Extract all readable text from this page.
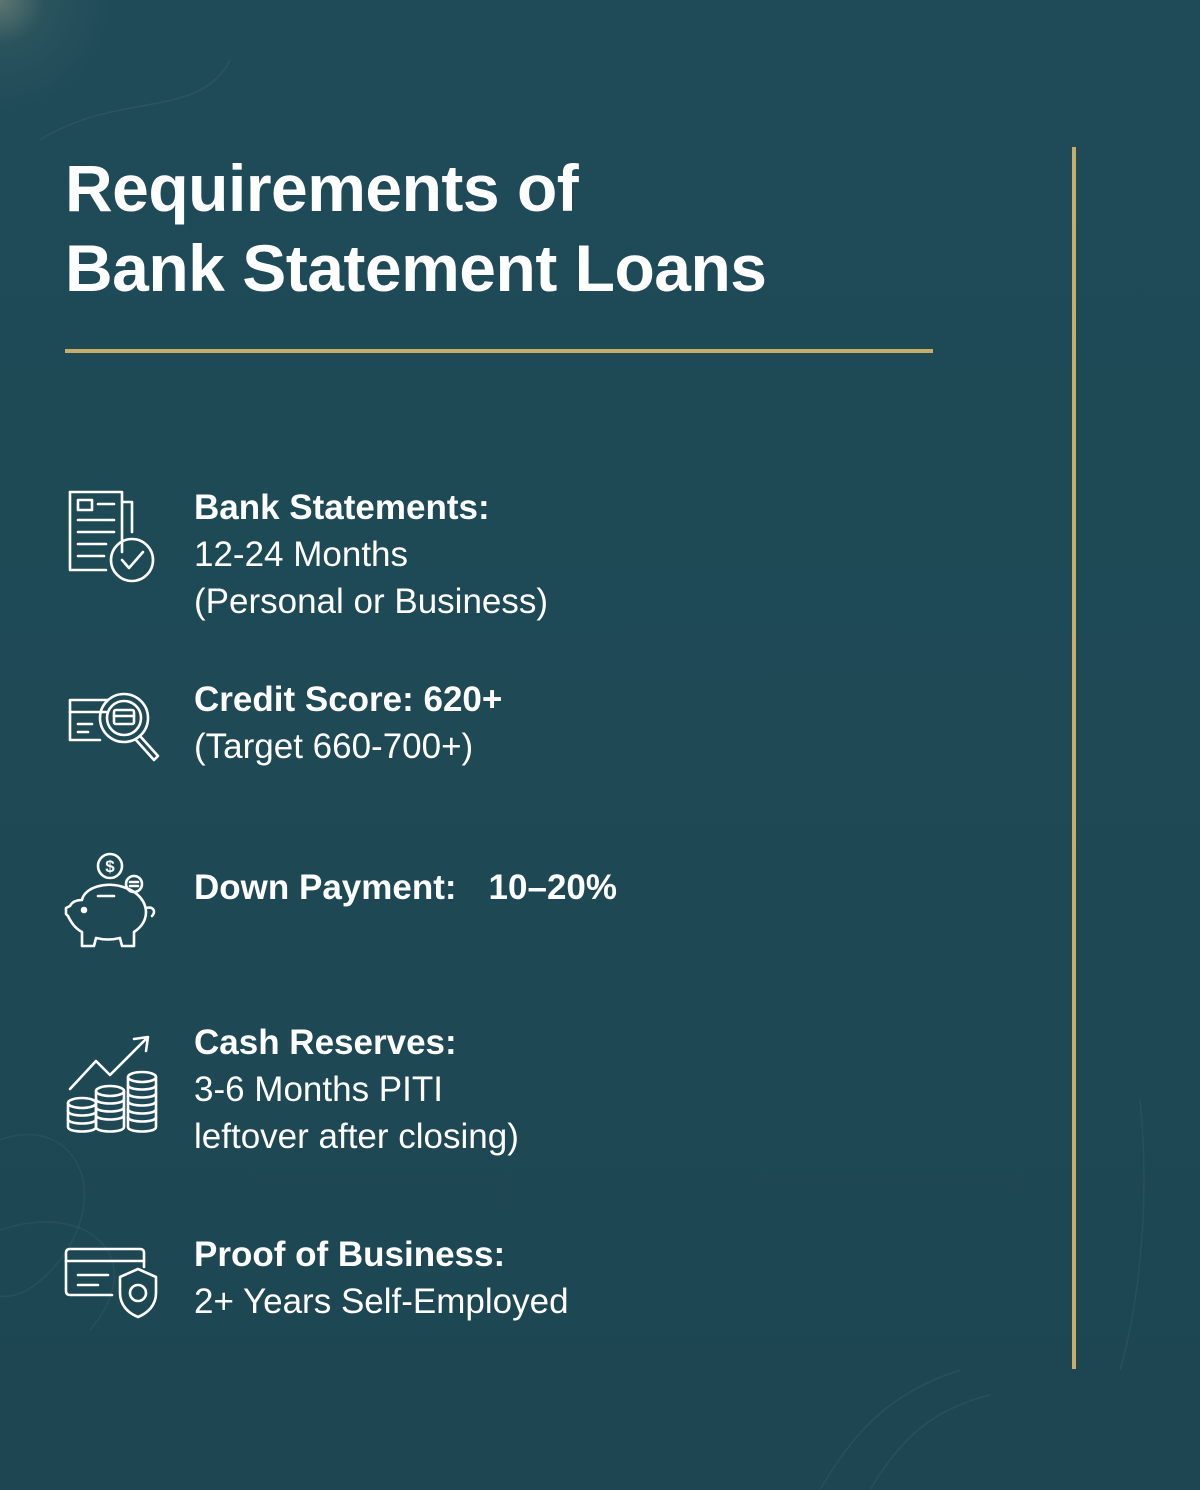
Requirements of
Bank Statement Loans
Bank Statements:
12-24 Months
(Personal or Business)
Credit Score: 620+
(Target 660-700+)
$
Down Payment: 10–20%
Cash Reserves:
3-6 Months PITI
leftover after closing)
Proof of Business:
2+ Years Self-Employed
